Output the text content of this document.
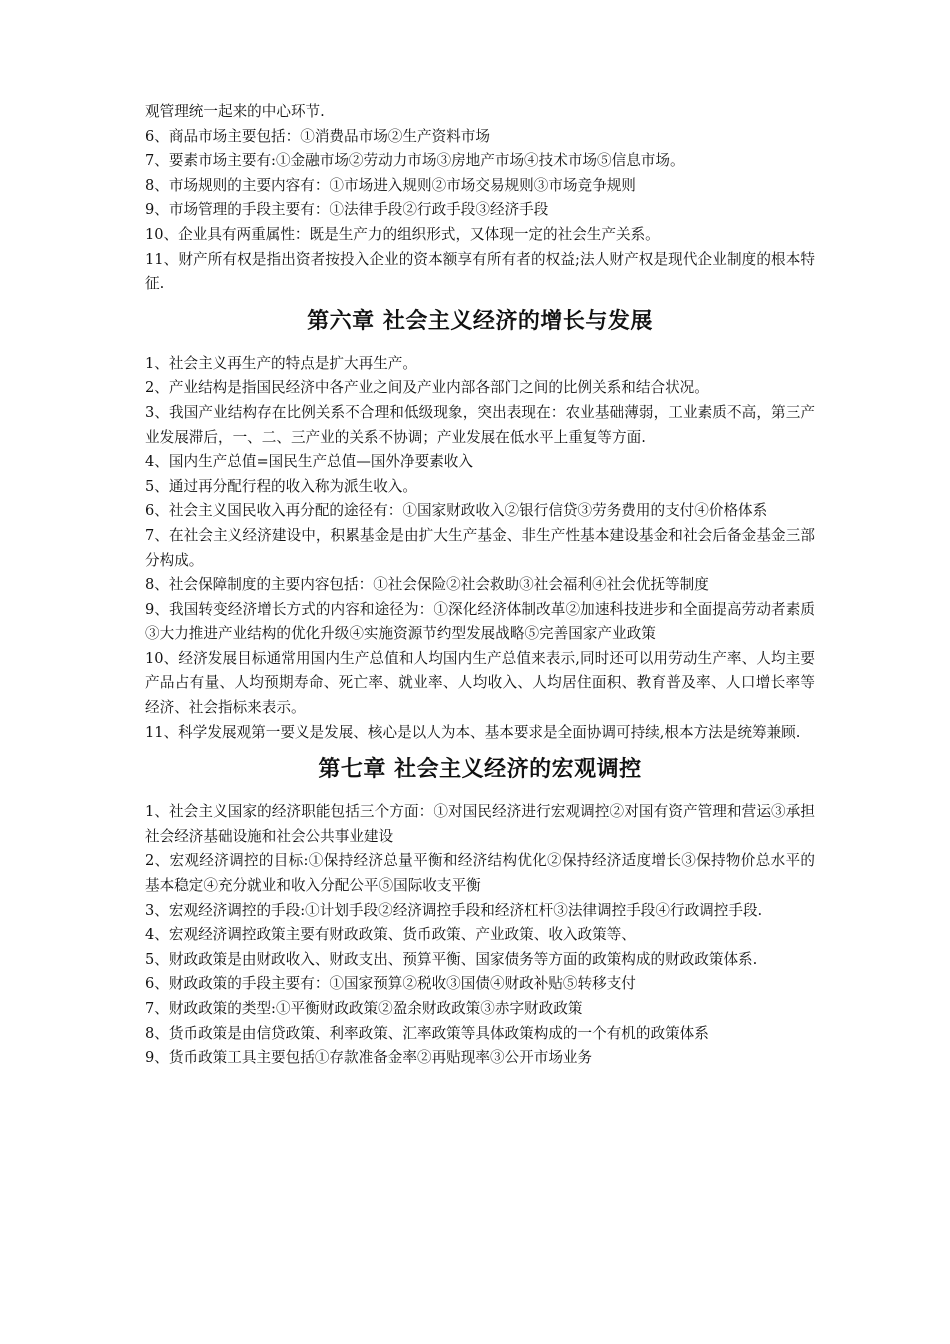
观管理统一起来的中心环节.

6、商品市场主要包括：①消费品市场②生产资料市场

7、要素市场主要有:①金融市场②劳动力市场③房地产市场④技术市场⑤信息市场。

8、市场规则的主要内容有：①市场进入规则②市场交易规则③市场竞争规则

9、市场管理的手段主要有：①法律手段②行政手段③经济手段

10、企业具有两重属性：既是生产力的组织形式，又体现一定的社会生产关系。

11、财产所有权是指出资者按投入企业的资本额享有所有者的权益;法人财产权是现代企业制度的根本特征.

第六章 社会主义经济的增长与发展

1、社会主义再生产的特点是扩大再生产。

2、产业结构是指国民经济中各产业之间及产业内部各部门之间的比例关系和结合状况。

3、我国产业结构存在比例关系不合理和低级现象，突出表现在：农业基础薄弱，工业素质不高，第三产业发展滞后，一、二、三产业的关系不协调；产业发展在低水平上重复等方面.

4、国内生产总值=国民生产总值—国外净要素收入

5、通过再分配行程的收入称为派生收入。

6、社会主义国民收入再分配的途径有：①国家财政收入②银行信贷③劳务费用的支付④价格体系

7、在社会主义经济建设中，积累基金是由扩大生产基金、非生产性基本建设基金和社会后备金基金三部分构成。

8、社会保障制度的主要内容包括：①社会保险②社会救助③社会福利④社会优抚等制度

9、我国转变经济增长方式的内容和途径为：①深化经济体制改革②加速科技进步和全面提高劳动者素质③大力推进产业结构的优化升级④实施资源节约型发展战略⑤完善国家产业政策

10、经济发展目标通常用国内生产总值和人均国内生产总值来表示,同时还可以用劳动生产率、人均主要产品占有量、人均预期寿命、死亡率、就业率、人均收入、人均居住面积、教育普及率、人口增长率等经济、社会指标来表示。

11、科学发展观第一要义是发展、核心是以人为本、基本要求是全面协调可持续,根本方法是统筹兼顾.

第七章 社会主义经济的宏观调控

1、社会主义国家的经济职能包括三个方面：①对国民经济进行宏观调控②对国有资产管理和营运③承担社会经济基础设施和社会公共事业建设

2、宏观经济调控的目标:①保持经济总量平衡和经济结构优化②保持经济适度增长③保持物价总水平的基本稳定④充分就业和收入分配公平⑤国际收支平衡

3、宏观经济调控的手段:①计划手段②经济调控手段和经济杠杆③法律调控手段④行政调控手段.

4、宏观经济调控政策主要有财政政策、货币政策、产业政策、收入政策等、

5、财政政策是由财政收入、财政支出、预算平衡、国家债务等方面的政策构成的财政政策体系.

6、财政政策的手段主要有：①国家预算②税收③国债④财政补贴⑤转移支付

7、财政政策的类型:①平衡财政政策②盈余财政政策③赤字财政政策

8、货币政策是由信贷政策、利率政策、汇率政策等具体政策构成的一个有机的政策体系

9、货币政策工具主要包括①存款准备金率②再贴现率③公开市场业务
